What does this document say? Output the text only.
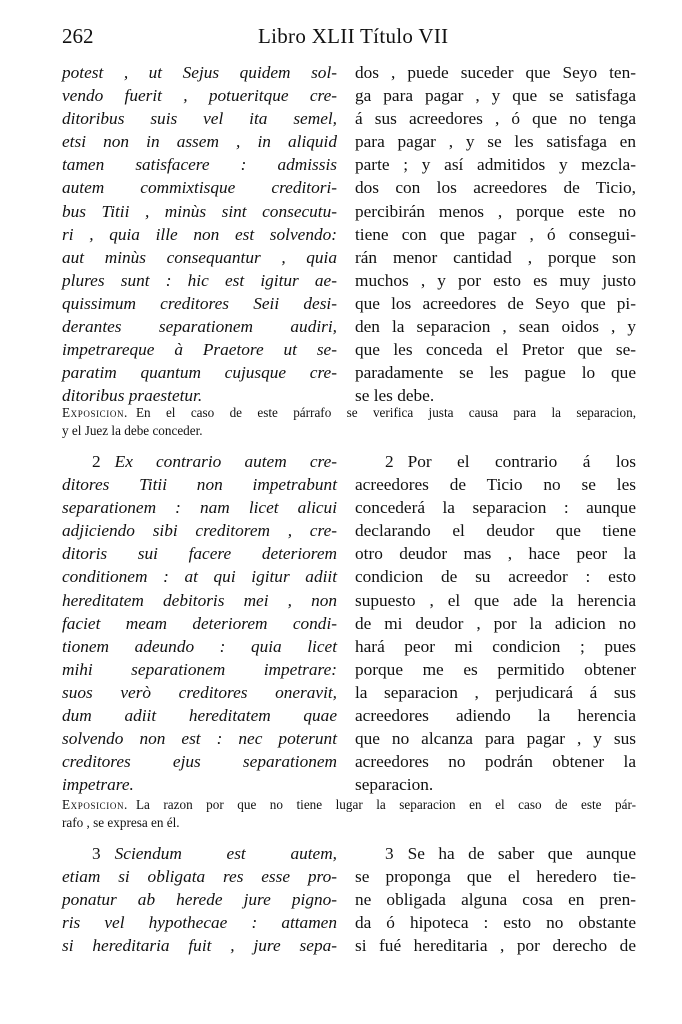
262	Libro XLII Título VII
potest , ut Sejus quidem sol-
vendo fuerit , potueritque cre-
ditoribus suis vel ita semel,
etsi non in assem , in aliquid
tamen satisfacere : admissis
autem commixtisque creditori-
bus Titii , minùs sint consecutu-
ri , quia ille non est solvendo:
aut minùs consequantur , quia
plures sunt : hic est igitur ae-
quissimum creditores Seii desi-
derantes separationem audiri,
impetrareque à Praetore ut se-
paratim quantum cujusque cre-
ditoribus praestetur.
dos , puede suceder que Seyo ten-
ga para pagar , y que se satisfaga
á sus acreedores , ó que no tenga
para pagar , y se les satisfaga en
parte ; y así admitidos y mezcla-
dos con los acreedores de Ticio,
percibirán menos , porque este no
tiene con que pagar , ó consegui-
rán menor cantidad , porque son
muchos , y por esto es muy justo
que los acreedores de Seyo que pi-
den la separacion , sean oidos , y
que les conceda el Pretor que se-
paradamente se les pague lo que
se les debe.
Exposicion. En el caso de este párrafo se verifica justa causa para la separacion,
y el Juez la debe conceder.
2 Ex contrario autem cre-
ditores Titii non impetrabunt
separationem : nam licet alicui
adjiciendo sibi creditorem , cre-
ditoris sui facere deteriorem
conditionem : at qui igitur adiit
hereditatem debitoris mei , non
faciet meam deteriorem condi-
tionem adeundo : quia licet
mihi separationem impetrare:
suos verò creditores oneravit,
dum adiit hereditatem quae
solvendo non est : nec poterunt
creditores ejus separationem
impetrare.
2 Por el contrario á los
acreedores de Ticio no se les
concederá la separacion : aunque
declarando el deudor que tiene
otro deudor mas , hace peor la
condicion de su acreedor : esto
supuesto , el que ade la herencia
de mi deudor , por la adicion no
hará peor mi condicion ; pues
porque me es permitido obtener
la separacion , perjudicará á sus
acreedores adiendo la herencia
que no alcanza para pagar , y sus
acreedores no podrán obtener la
separacion.
Exposicion. La razon por que no tiene lugar la separacion en el caso de este pár-
rafo , se expresa en él.
3 Sciendum est autem,
etiam si obligata res esse pro-
ponatur ab herede jure pigno-
ris vel hypothecae : attamen
si hereditaria fuit , jure sepa-
3 Se ha de saber que aunque
se proponga que el heredero tie-
ne obligada alguna cosa en pren-
da ó hipoteca : esto no obstante
si fué hereditaria , por derecho de
